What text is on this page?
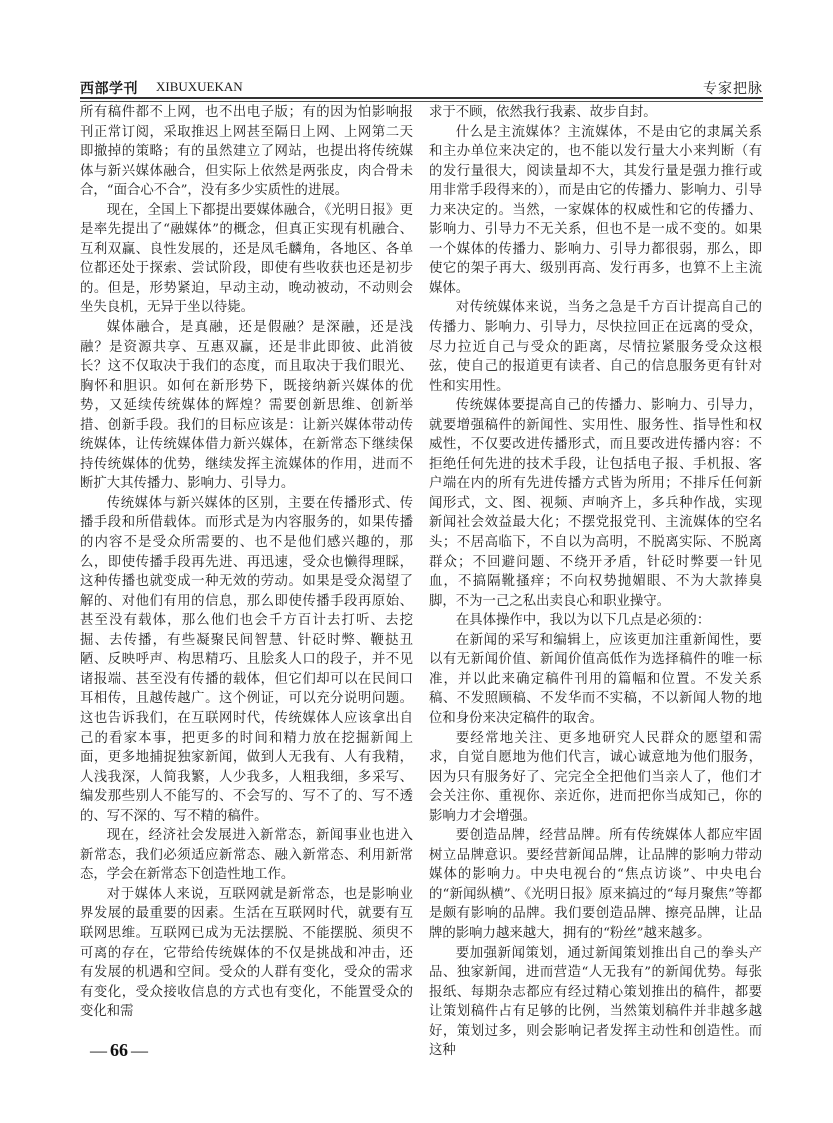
西部学刊 XIBUXUEKAN	专家把脉

所有稿件都不上网，也不出电子版；有的因为怕影响报刊正常订阅，采取推迟上网甚至隔日上网、上网第二天即撤掉的策略；有的虽然建立了网站，也提出将传统媒体与新兴媒体融合，但实际上依然是两张皮，肉合骨未合，“面合心不合”，没有多少实质性的进展。

现在，全国上下都提出要媒体融合，《光明日报》更是率先提出了“融媒体”的概念，但真正实现有机融合、互利双赢、良性发展的，还是凤毛麟角，各地区、各单位都还处于探索、尝试阶段，即使有些收获也还是初步的。但是，形势紧迫，早动主动，晚动被动，不动则会坐失良机，无异于坐以待毙。

媒体融合，是真融，还是假融？是深融，还是浅融？是资源共享、互惠双赢，还是非此即彼、此消彼长？这不仅取决于我们的态度，而且取决于我们眼光、胸怀和胆识。如何在新形势下，既接纳新兴媒体的优势，又延续传统媒体的辉煌？需要创新思维、创新举措、创新手段。我们的目标应该是：让新兴媒体带动传统媒体，让传统媒体借力新兴媒体，在新常态下继续保持传统媒体的优势，继续发挥主流媒体的作用，进而不断扩大其传播力、影响力、引导力。

传统媒体与新兴媒体的区别，主要在传播形式、传播手段和所借载体。而形式是为内容服务的，如果传播的内容不是受众所需要的、也不是他们感兴趣的，那么，即使传播手段再先进、再迅速，受众也懒得理睬，这种传播也就变成一种无效的劳动。如果是受众渴望了解的、对他们有用的信息，那么即使传播手段再原始、甚至没有载体，那么他们也会千方百计去打听、去挖掘、去传播，有些凝聚民间智慧、针砭时弊、鞭挞丑陋、反映呼声、构思精巧、且脍炙人口的段子，并不见诸报端、甚至没有传播的载体，但它们却可以在民间口耳相传，且越传越广。这个例证，可以充分说明问题。这也告诉我们，在互联网时代，传统媒体人应该拿出自己的看家本事，把更多的时间和精力放在挖掘新闻上面，更多地捕捉独家新闻，做到人无我有、人有我精，人浅我深，人简我繁，人少我多，人粗我细，多采写、编发那些别人不能写的、不会写的、写不了的、写不透的、写不深的、写不精的稿件。

现在，经济社会发展进入新常态，新闻事业也进入新常态，我们必须适应新常态、融入新常态、利用新常态，学会在新常态下创造性地工作。

对于媒体人来说，互联网就是新常态，也是影响业界发展的最重要的因素。生活在互联网时代，就要有互联网思维。互联网已成为无法摆脱、不能摆脱、须臾不可离的存在，它带给传统媒体的不仅是挑战和冲击，还有发展的机遇和空间。受众的人群有变化，受众的需求有变化，受众接收信息的方式也有变化，不能置受众的变化和需

求于不顾，依然我行我素、故步自封。

什么是主流媒体？主流媒体，不是由它的隶属关系和主办单位来决定的，也不能以发行量大小来判断（有的发行量很大，阅读量却不大，其发行量是强力推行或用非常手段得来的），而是由它的传播力、影响力、引导力来决定的。当然，一家媒体的权威性和它的传播力、影响力、引导力不无关系，但也不是一成不变的。如果一个媒体的传播力、影响力、引导力都很弱，那么，即使它的架子再大、级别再高、发行再多，也算不上主流媒体。

对传统媒体来说，当务之急是千方百计提高自己的传播力、影响力、引导力，尽快拉回正在远离的受众，尽力拉近自己与受众的距离，尽情拉紧服务受众这根弦，使自己的报道更有读者、自己的信息服务更有针对性和实用性。

传统媒体要提高自己的传播力、影响力、引导力，就要增强稿件的新闻性、实用性、服务性、指导性和权威性，不仅要改进传播形式，而且要改进传播内容：不拒绝任何先进的技术手段，让包括电子报、手机报、客户端在内的所有先进传播方式皆为所用；不排斥任何新闻形式，文、图、视频、声响齐上，多兵种作战，实现新闻社会效益最大化；不摆党报党刊、主流媒体的空名头；不居高临下，不自以为高明，不脱离实际、不脱离群众；不回避问题、不绕开矛盾，针砭时弊要一针见血，不搞隔靴搔痒；不向权势抛媚眼、不为大款捧臭脚，不为一己之私出卖良心和职业操守。

在具体操作中，我以为以下几点是必须的：

在新闻的采写和编辑上，应该更加注重新闻性，要以有无新闻价值、新闻价值高低作为选择稿件的唯一标准，并以此来确定稿件刊用的篇幅和位置。不发关系稿、不发照顾稿、不发华而不实稿，不以新闻人物的地位和身份来决定稿件的取舍。

要经常地关注、更多地研究人民群众的愿望和需求，自觉自愿地为他们代言，诚心诚意地为他们服务，因为只有服务好了、完完全全把他们当亲人了，他们才会关注你、重视你、亲近你，进而把你当成知己，你的影响力才会增强。

要创造品牌，经营品牌。所有传统媒体人都应牢固树立品牌意识。要经营新闻品牌，让品牌的影响力带动媒体的影响力。中央电视台的“焦点访谈”、中央电台的“新闻纵横”、《光明日报》原来搞过的“每月聚焦”等都是颇有影响的品牌。我们要创造品牌、擦亮品牌，让品牌的影响力越来越大，拥有的“粉丝”越来越多。

要加强新闻策划，通过新闻策划推出自己的拳头产品、独家新闻，进而营造“人无我有”的新闻优势。每张报纸、每期杂志都应有经过精心策划推出的稿件，都要让策划稿件占有足够的比例，当然策划稿件并非越多越好，策划过多，则会影响记者发挥主动性和创造性。而这种

— 66 —
